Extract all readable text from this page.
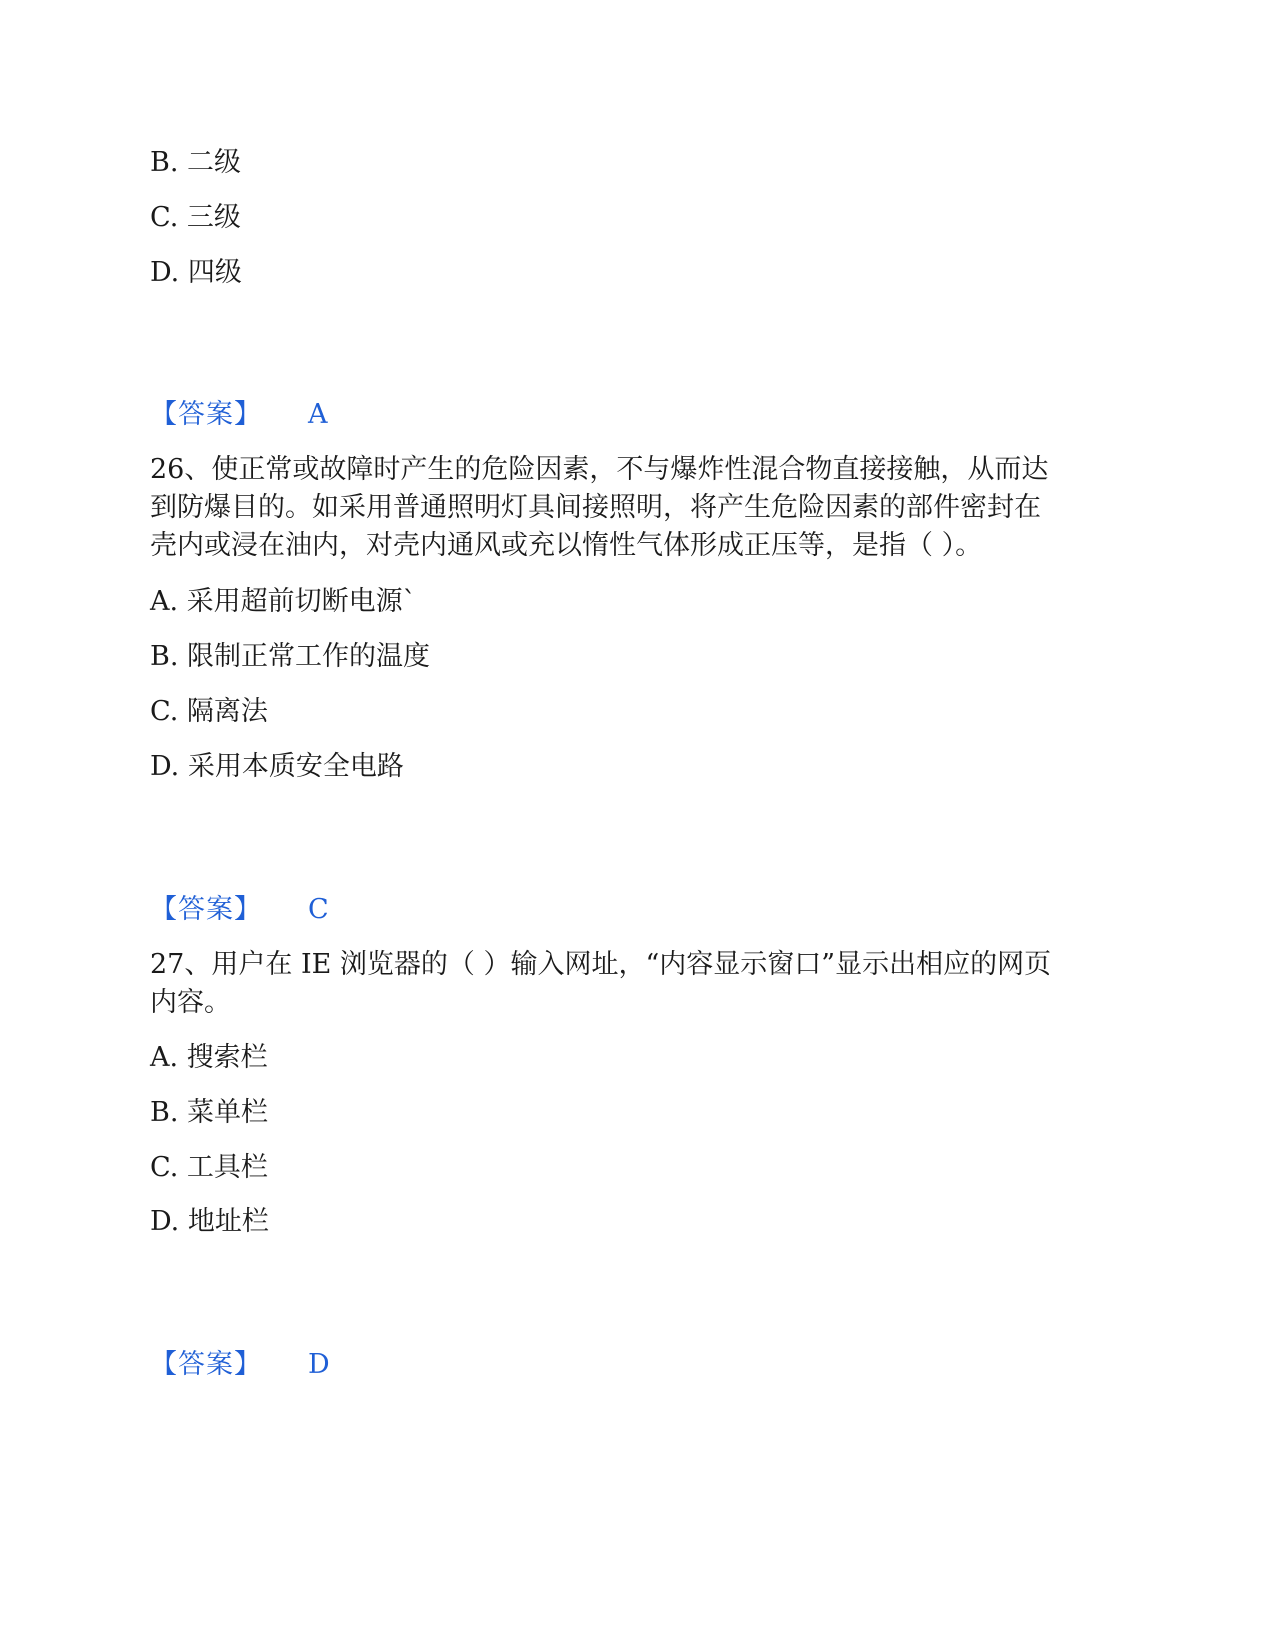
B. 二级
C. 三级
D. 四级
【答案】 A
26、使正常或故障时产生的危险因素，不与爆炸性混合物直接接触，从而达
到防爆目的。如采用普通照明灯具间接照明，将产生危险因素的部件密封在
壳内或浸在油内，对壳内通风或充以惰性气体形成正压等，是指（ ）。
A. 采用超前切断电源`
B. 限制正常工作的温度
C. 隔离法
D. 采用本质安全电路
【答案】 C
27、用户在 IE 浏览器的（ ）输入网址，“内容显示窗口”显示出相应的网页
内容。
A. 搜索栏
B. 菜单栏
C. 工具栏
D. 地址栏
【答案】 D
